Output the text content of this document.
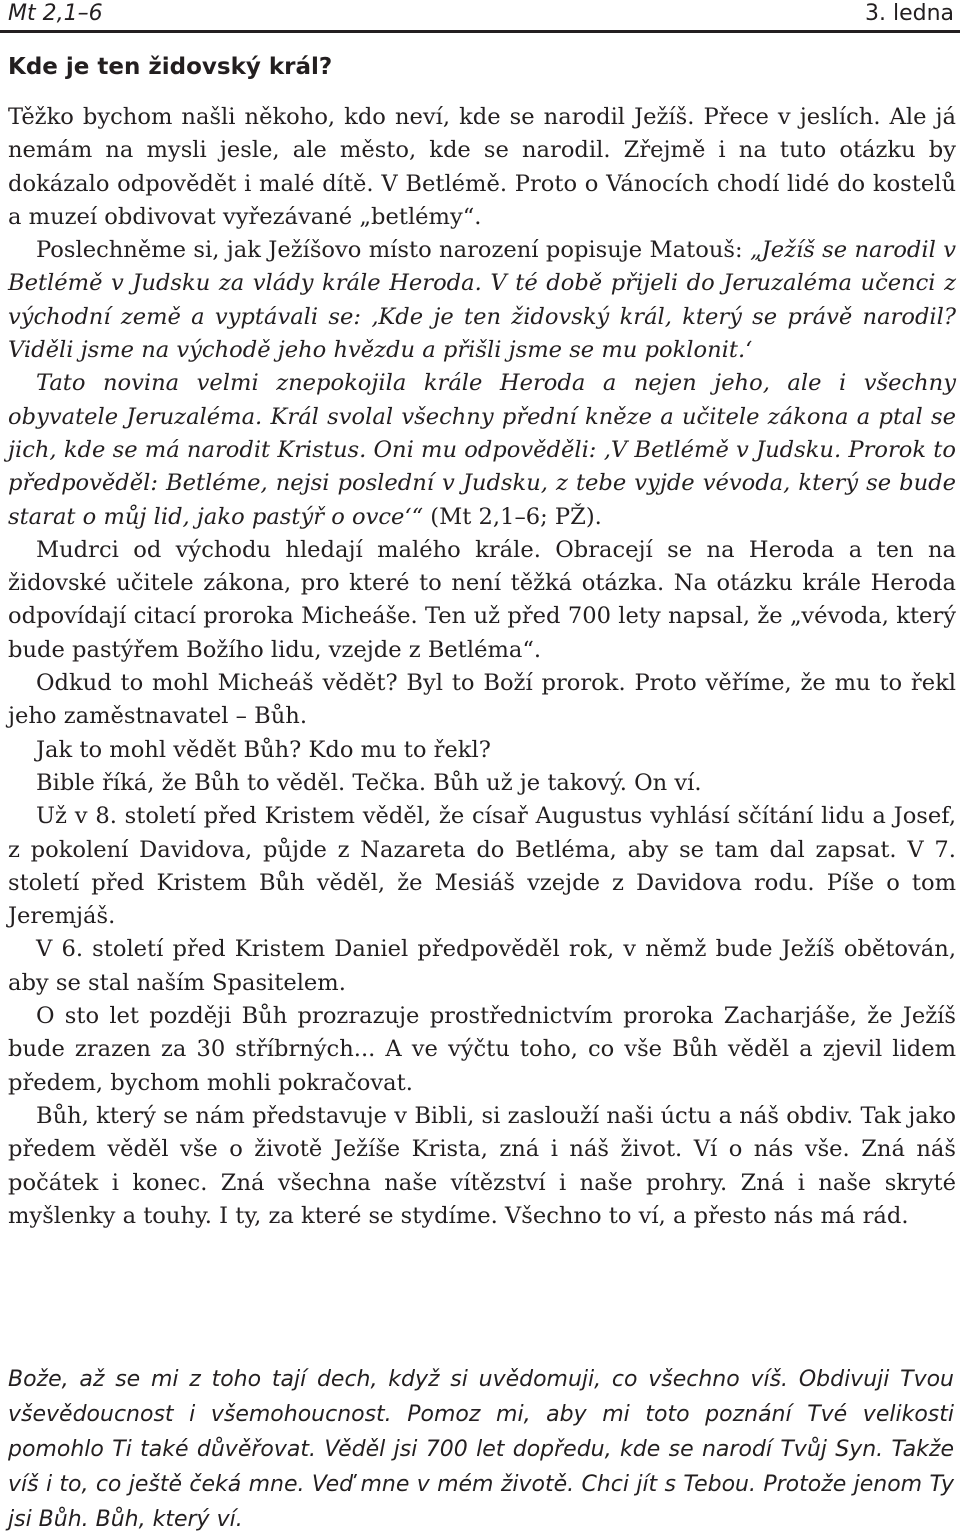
Mt 2,1–6	3. ledna
Kde je ten židovský král?

Těžko bychom našli někoho, kdo neví, kde se narodil Ježíš. Přece v jeslích. Ale já nemám na mysli jesle, ale město, kde se narodil. Zřejmě i na tuto otázku by dokázalo odpovědět i malé dítě. V Betlémě. Proto o Vánocích chodí lidé do kostelů a muzeí obdivovat vyřezávané „betlémy“.

Poslechněme si, jak Ježíšovo místo narození popisuje Matouš: „Ježíš se narodil v Betlémě v Judsku za vlády krále Heroda. V té době přijeli do Jeruzaléma učenci z východní země a vyptávali se: ‚Kde je ten židovský král, který se právě narodil? Viděli jsme na východě jeho hvězdu a přišli jsme se mu poklonit.‘

Tato novina velmi znepokojila krále Heroda a nejen jeho, ale i všechny obyvatele Jeruzaléma. Král svolal všechny přední kněze a učitele zákona a ptal se jich, kde se má narodit Kristus. Oni mu odpověděli: ‚V Betlémě v Judsku. Prorok to předpověděl: Betléme, nejsi poslední v Judsku, z tebe vyjde vévoda, který se bude starat o můj lid, jako pastýř o ovce‘“ (Mt 2,1–6; PŽ).

Mudrci od východu hledají malého krále. Obracejí se na Heroda a ten na židovské učitele zákona, pro které to není těžká otázka. Na otázku krále Heroda odpovídají citací proroka Micheáše. Ten už před 700 lety napsal, že „vévoda, který bude pastýřem Božího lidu, vzejde z Betléma“.

Odkud to mohl Micheáš vědět? Byl to Boží prorok. Proto věříme, že mu to řekl jeho zaměstnavatel – Bůh.

Jak to mohl vědět Bůh? Kdo mu to řekl?

Bible říká, že Bůh to věděl. Tečka. Bůh už je takový. On ví.

Už v 8. století před Kristem věděl, že císař Augustus vyhlásí sčítání lidu a Josef, z pokolení Davidova, půjde z Nazareta do Betléma, aby se tam dal zapsat. V 7. století před Kristem Bůh věděl, že Mesiáš vzejde z Davidova rodu. Píše o tom Jeremjáš.

V 6. století před Kristem Daniel předpověděl rok, v němž bude Ježíš obětován, aby se stal naším Spasitelem.

O sto let později Bůh prozrazuje prostřednictvím proroka Zacharjáše, že Ježíš bude zrazen za 30 stříbrných... A ve výčtu toho, co vše Bůh věděl a zjevil lidem předem, bychom mohli pokračovat.

Bůh, který se nám představuje v Bibli, si zaslouží naši úctu a náš obdiv. Tak jako předem věděl vše o životě Ježíše Krista, zná i náš život. Ví o nás vše. Zná náš počátek i konec. Zná všechna naše vítězství i naše prohry. Zná i naše skryté myšlenky a touhy. I ty, za které se stydíme. Všechno to ví, a přesto nás má rád.

Bože, až se mi z toho tají dech, když si uvědomuji, co všechno víš. Obdivuji Tvou vševědoucnost i všemohoucnost. Pomoz mi, aby mi toto poznání Tvé velikosti pomohlo Ti také důvěřovat. Věděl jsi 700 let dopředu, kde se narodí Tvůj Syn. Takže víš i to, co ještě čeká mne. Veď mne v mém životě. Chci jít s Tebou. Protože jenom Ty jsi Bůh. Bůh, který ví.
